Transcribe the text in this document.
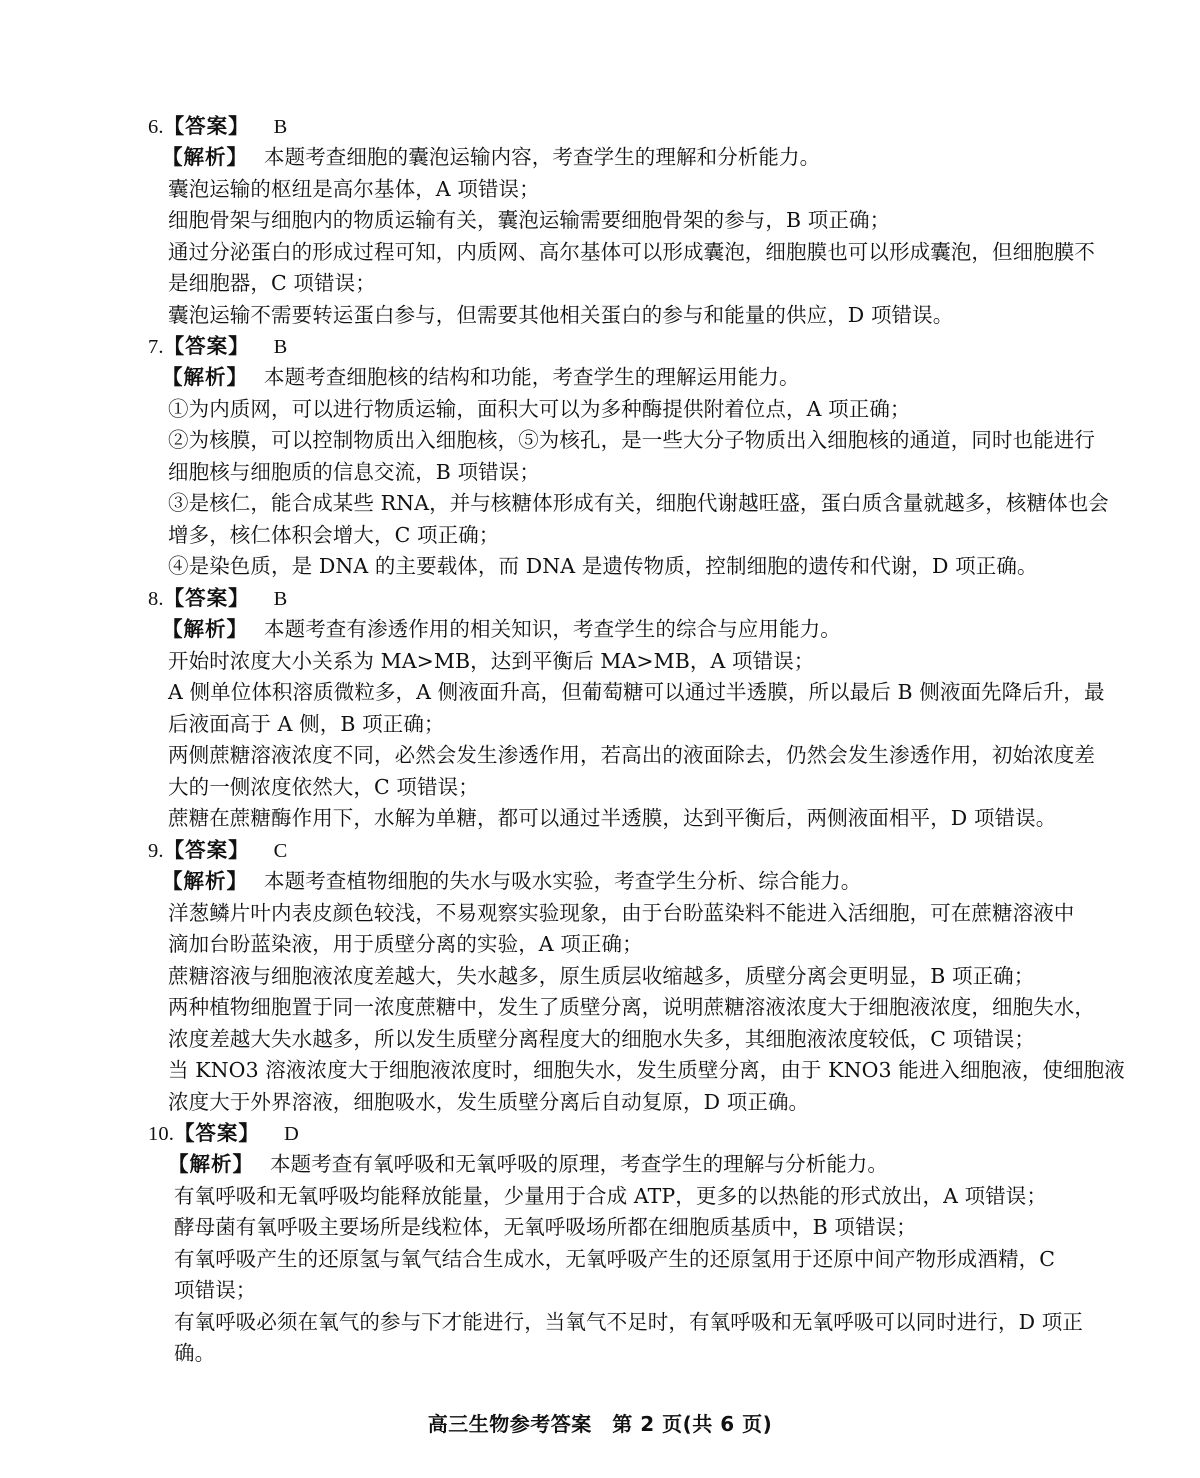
6.【答案】 B
【解析】 本题考查细胞的囊泡运输内容，考查学生的理解和分析能力。
囊泡运输的枢纽是高尔基体，A 项错误；
细胞骨架与细胞内的物质运输有关，囊泡运输需要细胞骨架的参与，B 项正确；
通过分泌蛋白的形成过程可知，内质网、高尔基体可以形成囊泡，细胞膜也可以形成囊泡，但细胞膜不
是细胞器，C 项错误；
囊泡运输不需要转运蛋白参与，但需要其他相关蛋白的参与和能量的供应，D 项错误。
7.【答案】 B
【解析】 本题考查细胞核的结构和功能，考查学生的理解运用能力。
①为内质网，可以进行物质运输，面积大可以为多种酶提供附着位点，A 项正确；
②为核膜，可以控制物质出入细胞核，⑤为核孔，是一些大分子物质出入细胞核的通道，同时也能进行
细胞核与细胞质的信息交流，B 项错误；
③是核仁，能合成某些 RNA，并与核糖体形成有关，细胞代谢越旺盛，蛋白质含量就越多，核糖体也会
增多，核仁体积会增大，C 项正确；
④是染色质，是 DNA 的主要载体，而 DNA 是遗传物质，控制细胞的遗传和代谢，D 项正确。
8.【答案】 B
【解析】 本题考查有渗透作用的相关知识，考查学生的综合与应用能力。
开始时浓度大小关系为 MA>MB，达到平衡后 MA>MB，A 项错误；
A 侧单位体积溶质微粒多，A 侧液面升高，但葡萄糖可以通过半透膜，所以最后 B 侧液面先降后升，最
后液面高于 A 侧，B 项正确；
两侧蔗糖溶液浓度不同，必然会发生渗透作用，若高出的液面除去，仍然会发生渗透作用，初始浓度差
大的一侧浓度依然大，C 项错误；
蔗糖在蔗糖酶作用下，水解为单糖，都可以通过半透膜，达到平衡后，两侧液面相平，D 项错误。
9.【答案】 C
【解析】 本题考查植物细胞的失水与吸水实验，考查学生分析、综合能力。
洋葱鳞片叶内表皮颜色较浅，不易观察实验现象，由于台盼蓝染料不能进入活细胞，可在蔗糖溶液中
滴加台盼蓝染液，用于质壁分离的实验，A 项正确；
蔗糖溶液与细胞液浓度差越大，失水越多，原生质层收缩越多，质壁分离会更明显，B 项正确；
两种植物细胞置于同一浓度蔗糖中，发生了质壁分离，说明蔗糖溶液浓度大于细胞液浓度，细胞失水，
浓度差越大失水越多，所以发生质壁分离程度大的细胞水失多，其细胞液浓度较低，C 项错误；
当 KNO3 溶液浓度大于细胞液浓度时，细胞失水，发生质壁分离，由于 KNO3 能进入细胞液，使细胞液
浓度大于外界溶液，细胞吸水，发生质壁分离后自动复原，D 项正确。
10.【答案】 D
【解析】 本题考查有氧呼吸和无氧呼吸的原理，考查学生的理解与分析能力。
有氧呼吸和无氧呼吸均能释放能量，少量用于合成 ATP，更多的以热能的形式放出，A 项错误；
酵母菌有氧呼吸主要场所是线粒体，无氧呼吸场所都在细胞质基质中，B 项错误；
有氧呼吸产生的还原氢与氧气结合生成水，无氧呼吸产生的还原氢用于还原中间产物形成酒精，C
项错误；
有氧呼吸必须在氧气的参与下才能进行，当氧气不足时，有氧呼吸和无氧呼吸可以同时进行，D 项正
确。
高三生物参考答案　第 2 页(共 6 页)
